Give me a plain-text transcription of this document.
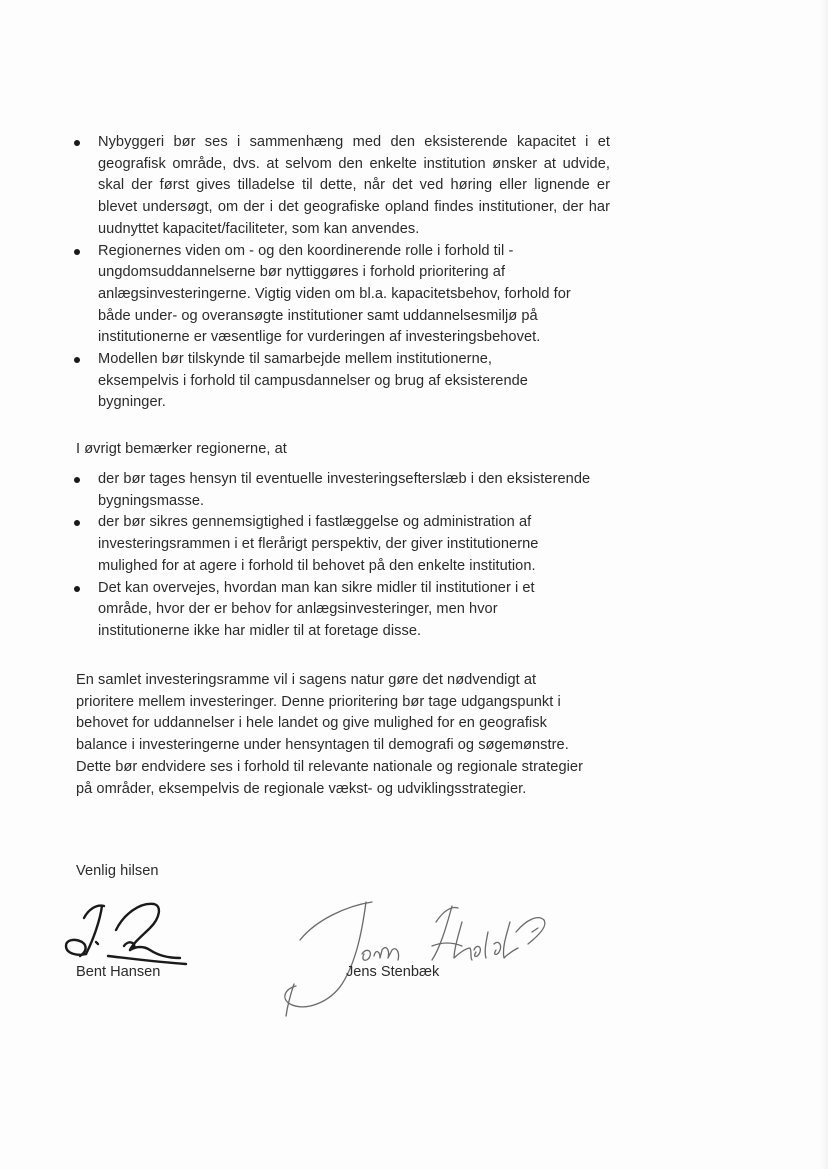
Nybyggeri bør ses i sammenhæng med den eksisterende kapacitet i et geografisk område, dvs. at selvom den enkelte institution ønsker at udvide, skal der først gives tilladelse til dette, når det ved høring eller lignende er blevet undersøgt, om der i det geografiske opland findes institutioner, der har uudnyttet kapacitet/faciliteter, som kan anvendes.
Regionernes viden om - og den koordinerende rolle i forhold til - ungdomsuddannelserne bør nyttiggøres i forhold prioritering af anlægsinvesteringerne. Vigtig viden om bl.a. kapacitetsbehov, forhold for både under- og overansøgte institutioner samt uddannelsesmiljø på institutionerne er væsentlige for vurderingen af investeringsbehovet.
Modellen bør tilskynde til samarbejde mellem institutionerne, eksempelvis i forhold til campusdannelser og brug af eksisterende bygninger.

I øvrigt bemærker regionerne, at

der bør tages hensyn til eventuelle investeringsefterslæb i den eksisterende bygningsmasse.
der bør sikres gennemsigtighed i fastlæggelse og administration af investeringsrammen i et flerårigt perspektiv, der giver institutionerne mulighed for at agere i forhold til behovet på den enkelte institution.
Det kan overvejes, hvordan man kan sikre midler til institutioner i et område, hvor der er behov for anlægsinvesteringer, men hvor institutionerne ikke har midler til at foretage disse.

En samlet investeringsramme vil i sagens natur gøre det nødvendigt at prioritere mellem investeringer. Denne prioritering bør tage udgangspunkt i behovet for uddannelser i hele landet og give mulighed for en geografisk balance i investeringerne under hensyntagen til demografi og søgemønstre. Dette bør endvidere ses i forhold til relevante nationale og regionale strategier på områder, eksempelvis de regionale vækst- og udviklingsstrategier.

Venlig hilsen

Bent Hansen	Jens Stenbæk
